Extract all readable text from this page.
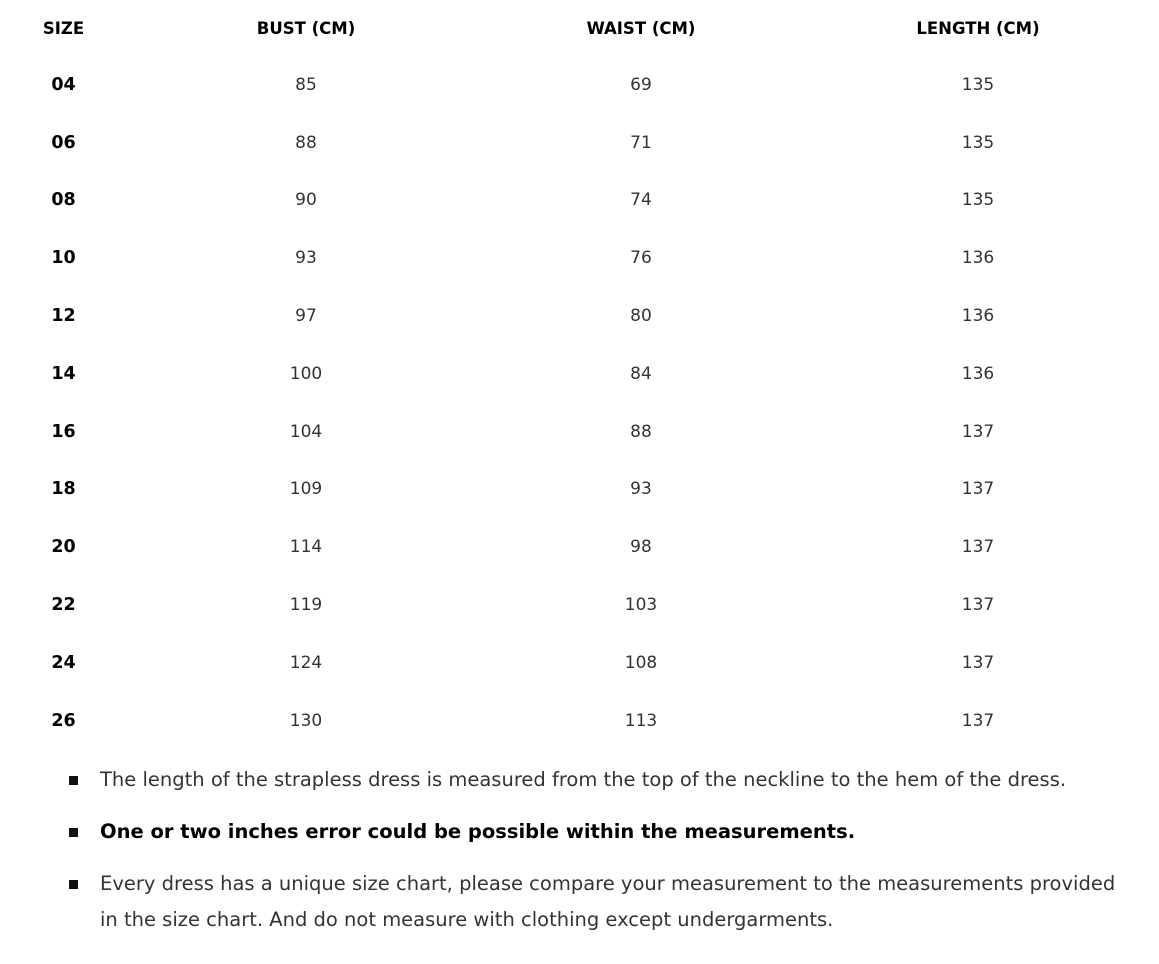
SIZE	BUST (CM)	WAIST (CM)	LENGTH (CM)
04	85	69	135
06	88	71	135
08	90	74	135
10	93	76	136
12	97	80	136
14	100	84	136
16	104	88	137
18	109	93	137
20	114	98	137
22	119	103	137
24	124	108	137
26	130	113	137
The length of the strapless dress is measured from the top of the neckline to the hem of the dress.
One or two inches error could be possible within the measurements.
Every dress has a unique size chart, please compare your measurement to the measurements provided in the size chart. And do not measure with clothing except undergarments.
